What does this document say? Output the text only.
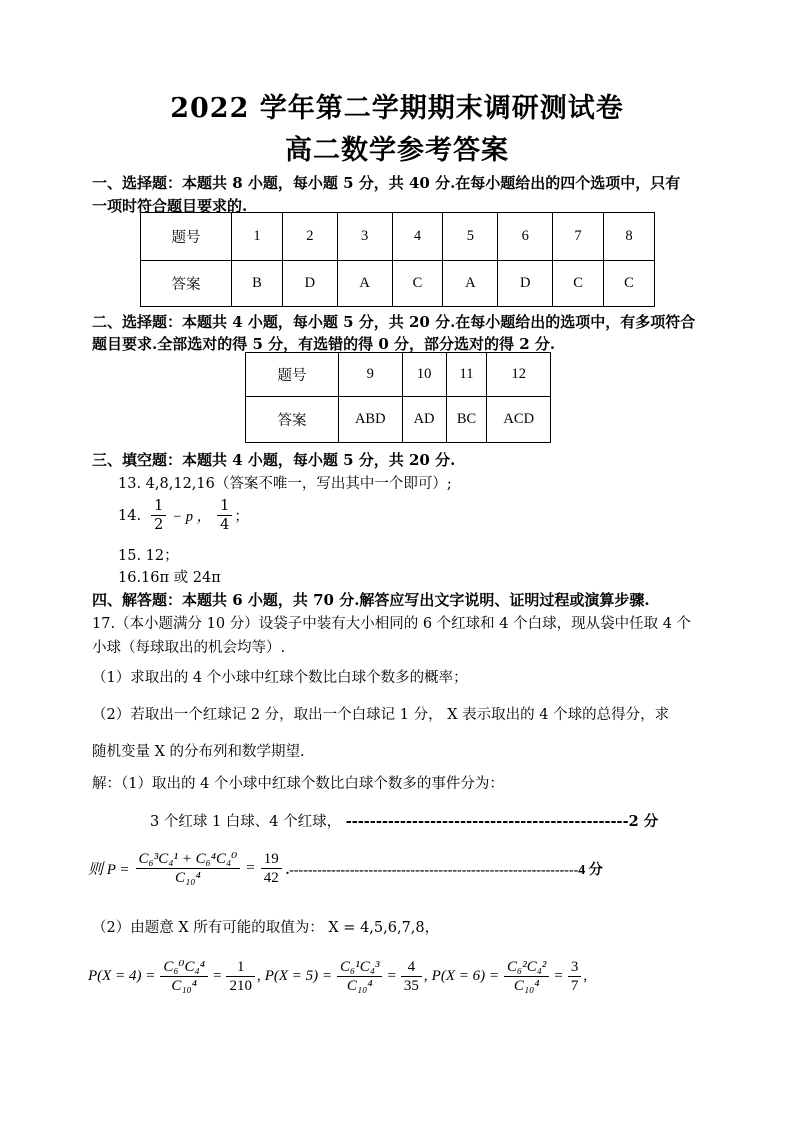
2022 学年第二学期期末调研测试卷
高二数学参考答案
一、选择题：本题共 8 小题，每小题 5 分，共 40 分.在每小题给出的四个选项中，只有
一项时符合题目要求的.
题号	1	2	3	4	5	6	7	8
答案	B	D	A	C	A	D	C	C
二、选择题：本题共 4 小题，每小题 5 分，共 20 分.在每小题给出的选项中，有多项符合
题目要求.全部选对的得 5 分，有选错的得 0 分，部分选对的得 2 分.
题号	9	10	11	12
答案	ABD	AD	BC	ACD
三、填空题：本题共 4 小题，每小题 5 分，共 20 分.
13. 4,8,12,16（答案不唯一，写出其中一个即可）;
14. $\frac{1}{2} - p$ ， $\frac{1}{4}$ ；
15. 12；
16.16π 或 24π
四、解答题：本题共 6 小题，共 70 分.解答应写出文字说明、证明过程或演算步骤.
17.（本小题满分 10 分）设袋子中装有大小相同的 6 个红球和 4 个白球，现从袋中任取 4 个
小球（每球取出的机会均等）.
（1）求取出的 4 个小球中红球个数比白球个数多的概率；
（2）若取出一个红球记 2 分，取出一个白球记 1 分， X 表示取出的 4 个球的总得分，求
随机变量 X 的分布列和数学期望.
解：（1）取出的 4 个小球中红球个数比白球个数多的事件分为：
3 个红球 1 白球、4 个红球， -----------------------------------------------2 分
则 $P = \frac{\text{C₆³C₄¹ + C₆⁴C₄⁰}}{\text{C₁₀⁴}} = \frac{19}{42} .--------------------------------------------------------------4$ 分
（2）由题意 X 所有可能的取值为： X = 4,5,6,7,8，
$P(X = 4) = \frac{\text{C₆⁰C₄⁴}}{\text{C₁₀⁴}} = \frac{1}{210}$ , $P(X = 5) = \frac{\text{C₆¹C₄³}}{\text{C₁₀⁴}} = \frac{4}{35}$ , $P(X = 6) = \frac{\text{C₆²C₄²}}{\text{C₁₀⁴}} = \frac{3}{7}$ ,
